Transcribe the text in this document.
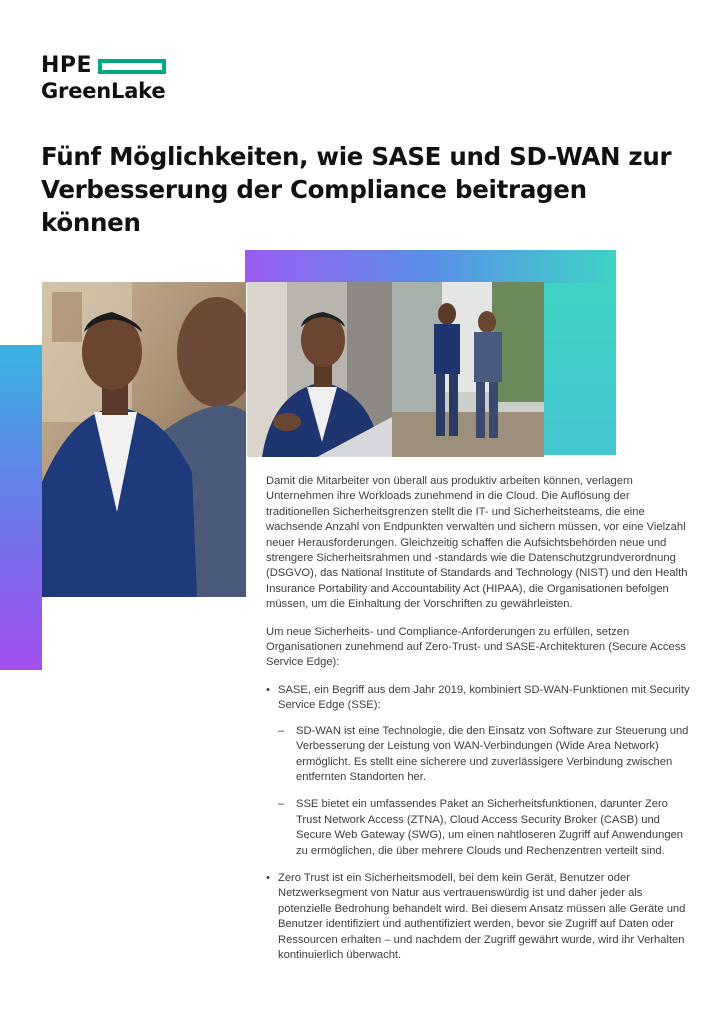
HPE
GreenLake
Fünf Möglichkeiten, wie SASE und SD-WAN zur
Verbesserung der Compliance beitragen können

Damit die Mitarbeiter von überall aus produktiv arbeiten können, verlagern Unternehmen ihre Workloads zunehmend in die Cloud. Die Auflösung der traditionellen Sicherheitsgrenzen stellt die IT- und Sicherheitsteams, die eine wachsende Anzahl von Endpunkten verwalten und sichern müssen, vor eine Vielzahl neuer Herausforderungen. Gleichzeitig schaffen die Aufsichtsbehörden neue und strengere Sicherheitsrahmen und -standards wie die Datenschutzgrundverordnung (DSGVO), das National Institute of Standards and Technology (NIST) und den Health Insurance Portability and Accountability Act (HIPAA), die Organisationen befolgen müssen, um die Einhaltung der Vorschriften zu gewährleisten.

Um neue Sicherheits- und Compliance-Anforderungen zu erfüllen, setzen Organisationen zunehmend auf Zero-Trust- und SASE-Architekturen (Secure Access Service Edge):

• SASE, ein Begriff aus dem Jahr 2019, kombiniert SD-WAN-Funktionen mit Security Service Edge (SSE):
– SD-WAN ist eine Technologie, die den Einsatz von Software zur Steuerung und Verbesserung der Leistung von WAN-Verbindungen (Wide Area Network) ermöglicht. Es stellt eine sicherere und zuverlässigere Verbindung zwischen entfernten Standorten her.
– SSE bietet ein umfassendes Paket an Sicherheitsfunktionen, darunter Zero Trust Network Access (ZTNA), Cloud Access Security Broker (CASB) und Secure Web Gateway (SWG), um einen nahtloseren Zugriff auf Anwendungen zu ermöglichen, die über mehrere Clouds und Rechenzentren verteilt sind.
• Zero Trust ist ein Sicherheitsmodell, bei dem kein Gerät, Benutzer oder Netzwerksegment von Natur aus vertrauenswürdig ist und daher jeder als potenzielle Bedrohung behandelt wird. Bei diesem Ansatz müssen alle Geräte und Benutzer identifiziert und authentifiziert werden, bevor sie Zugriff auf Daten oder Ressourcen erhalten – und nachdem der Zugriff gewährt wurde, wird ihr Verhalten kontinuierlich überwacht.
